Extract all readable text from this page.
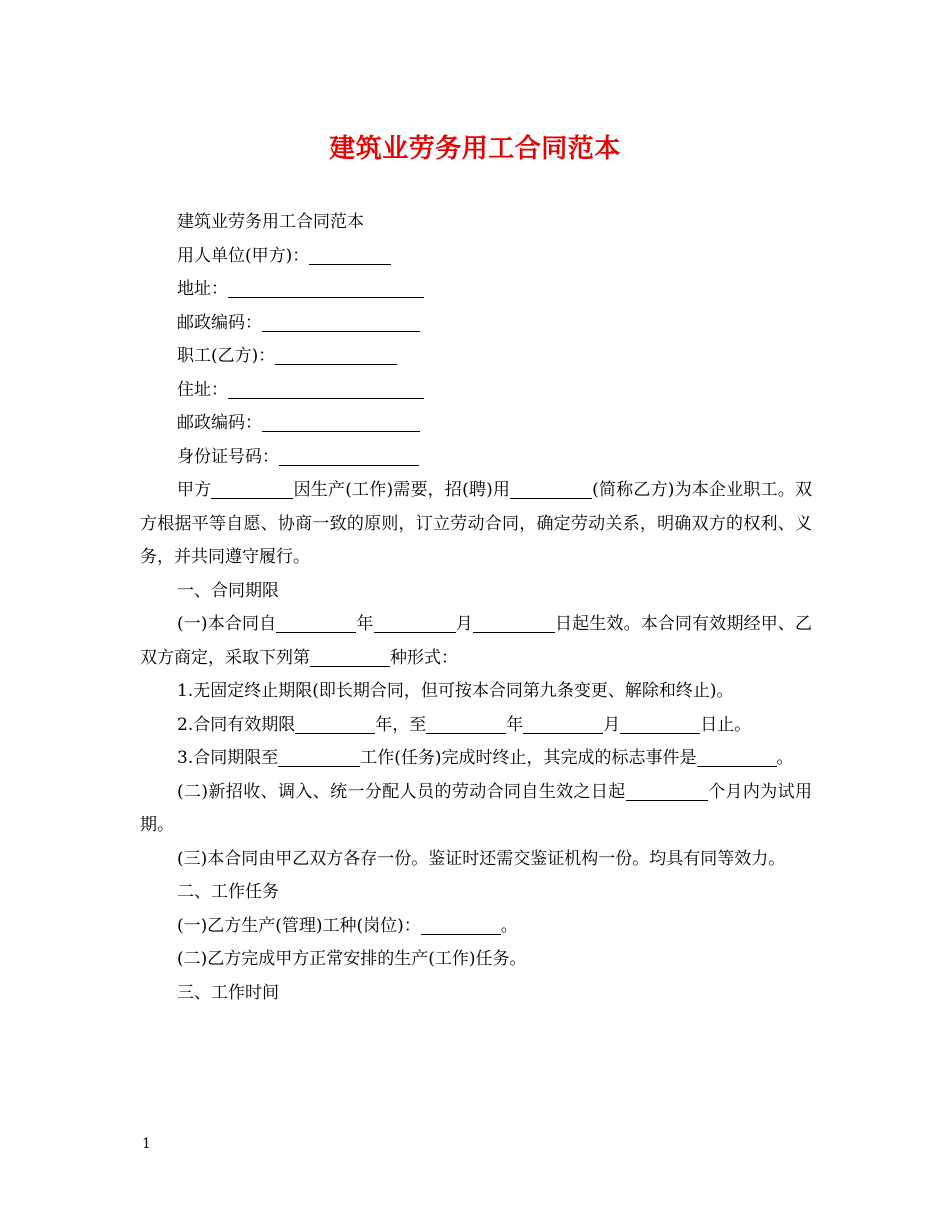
建筑业劳务用工合同范本

建筑业劳务用工合同范本

用人单位(甲方)：

地址：

邮政编码：

职工(乙方)：

住址：

邮政编码：

身份证号码：

甲方	因生产(工作)需要，招(聘)用	(简称乙方)为本企业职工。双方根据平等自愿、协商一致的原则，订立劳动合同，确定劳动关系，明确双方的权利、义务，并共同遵守履行。

一、合同期限

(一)本合同自	年	月	日起生效。本合同有效期经甲、乙双方商定，采取下列第	种形式：

1.无固定终止期限(即长期合同，但可按本合同第九条变更、解除和终止)。

2.合同有效期限	年，至	年	月	日止。

3.合同期限至	工作(任务)完成时终止，其完成的标志事件是	。

(二)新招收、调入、统一分配人员的劳动合同自生效之日起	个月内为试用期。

(三)本合同由甲乙双方各存一份。鉴证时还需交鉴证机构一份。均具有同等效力。

二、工作任务

(一)乙方生产(管理)工种(岗位)：	。

(二)乙方完成甲方正常安排的生产(工作)任务。

三、工作时间

1
